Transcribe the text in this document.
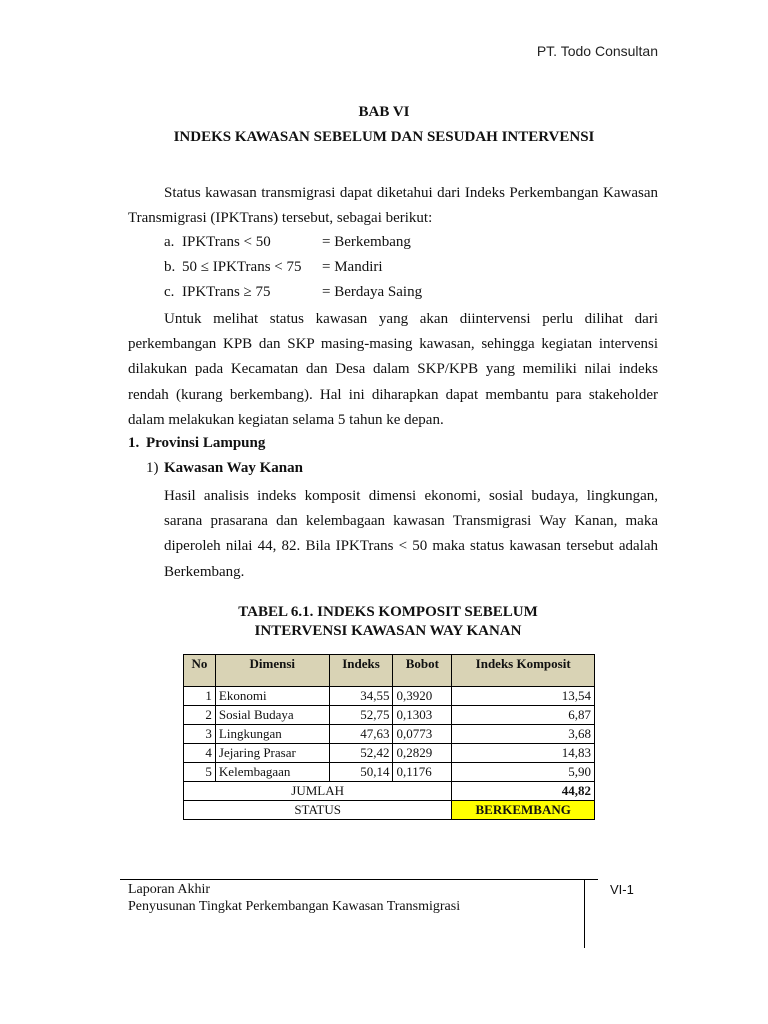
PT. Todo Consultan
BAB VI
INDEKS KAWASAN SEBELUM DAN SESUDAH INTERVENSI
Status kawasan transmigrasi dapat diketahui dari Indeks Perkembangan Kawasan Transmigrasi (IPKTrans) tersebut, sebagai berikut:
a. IPKTrans < 50	= Berkembang
b. 50 ≤ IPKTrans < 75 = Mandiri
c. IPKTrans ≥ 75	= Berdaya Saing
Untuk melihat status kawasan yang akan diintervensi perlu dilihat dari perkembangan KPB dan SKP masing-masing kawasan, sehingga kegiatan intervensi dilakukan pada Kecamatan dan Desa dalam SKP/KPB yang memiliki nilai indeks rendah (kurang berkembang). Hal ini diharapkan dapat membantu para stakeholder dalam melakukan kegiatan selama 5 tahun ke depan.
1. Provinsi Lampung
1) Kawasan Way Kanan
Hasil analisis indeks komposit dimensi ekonomi, sosial budaya, lingkungan, sarana prasarana dan kelembagaan kawasan Transmigrasi Way Kanan, maka diperoleh nilai 44, 82. Bila IPKTrans < 50 maka status kawasan tersebut adalah Berkembang.
TABEL 6.1. INDEKS KOMPOSIT SEBELUM
INTERVENSI KAWASAN WAY KANAN
No	Dimensi	Indeks	Bobot	Indeks Komposit
1	Ekonomi	34,55	0,3920	13,54
2	Sosial Budaya	52,75	0,1303	6,87
3	Lingkungan	47,63	0,0773	3,68
4	Jejaring Prasar	52,42	0,2829	14,83
5	Kelembagaan	50,14	0,1176	5,90
JUMLAH				44,82
STATUS				BERKEMBANG
Laporan Akhir
Penyusunan Tingkat Perkembangan Kawasan Transmigrasi
VI-1
